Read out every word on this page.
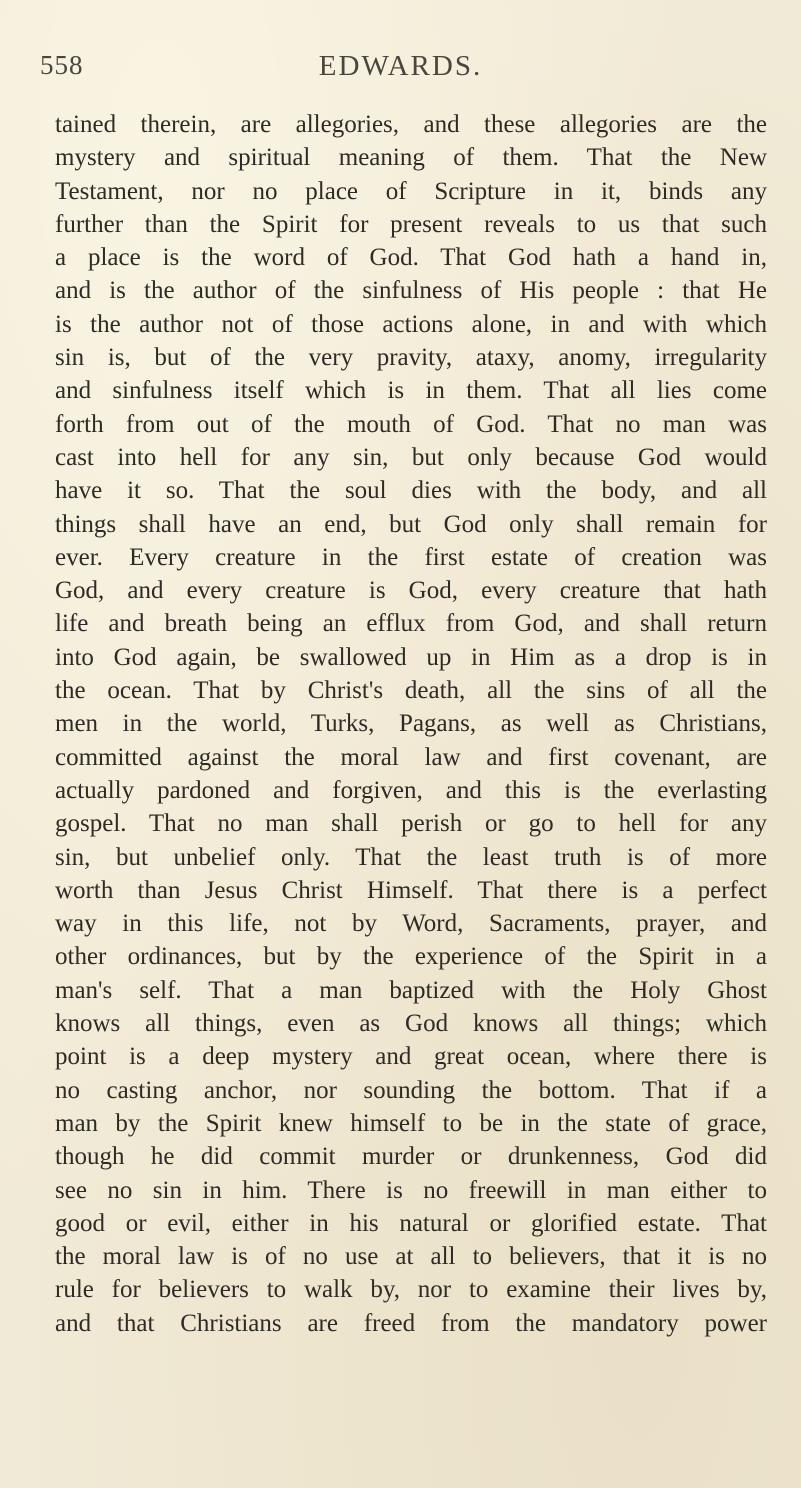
558	EDWARDS.
tained therein, are allegories, and these allegories are the
mystery and spiritual meaning of them. That the New
Testament, nor no place of Scripture in it, binds any
further than the Spirit for present reveals to us that such
a place is the word of God. That God hath a hand in,
and is the author of the sinfulness of His people : that He
is the author not of those actions alone, in and with which
sin is, but of the very pravity, ataxy, anomy, irregularity
and sinfulness itself which is in them. That all lies come
forth from out of the mouth of God. That no man was
cast into hell for any sin, but only because God would
have it so. That the soul dies with the body, and all
things shall have an end, but God only shall remain for
ever. Every creature in the first estate of creation was
God, and every creature is God, every creature that hath
life and breath being an efflux from God, and shall return
into God again, be swallowed up in Him as a drop is in
the ocean. That by Christ's death, all the sins of all the
men in the world, Turks, Pagans, as well as Christians,
committed against the moral law and first covenant, are
actually pardoned and forgiven, and this is the everlasting
gospel. That no man shall perish or go to hell for any
sin, but unbelief only. That the least truth is of more
worth than Jesus Christ Himself. That there is a perfect
way in this life, not by Word, Sacraments, prayer, and
other ordinances, but by the experience of the Spirit in a
man's self. That a man baptized with the Holy Ghost
knows all things, even as God knows all things; which
point is a deep mystery and great ocean, where there is
no casting anchor, nor sounding the bottom. That if a
man by the Spirit knew himself to be in the state of grace,
though he did commit murder or drunkenness, God did
see no sin in him. There is no freewill in man either to
good or evil, either in his natural or glorified estate. That
the moral law is of no use at all to believers, that it is no
rule for believers to walk by, nor to examine their lives by,
and that Christians are freed from the mandatory power
